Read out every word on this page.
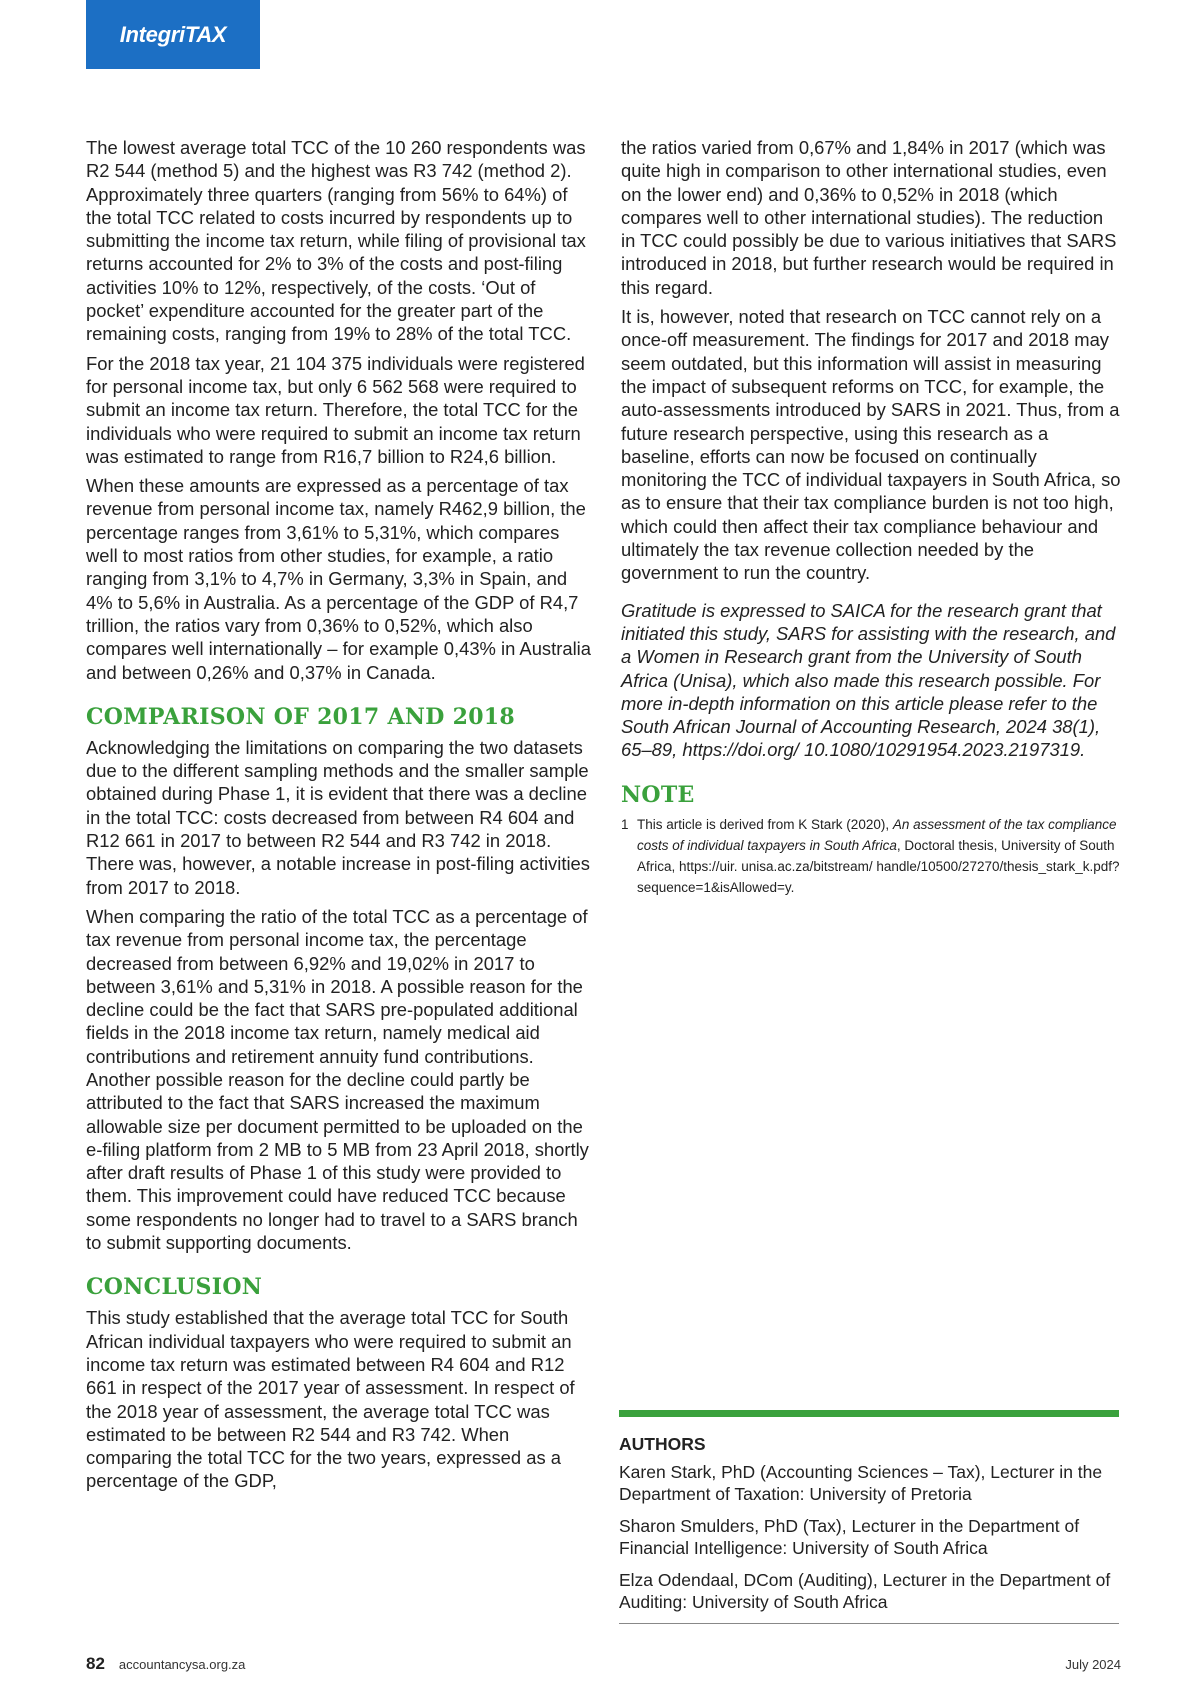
IntegriTAX

The lowest average total TCC of the 10 260 respondents was R2 544 (method 5) and the highest was R3 742 (method 2). Approximately three quarters (ranging from 56% to 64%) of the total TCC related to costs incurred by respondents up to submitting the income tax return, while filing of provisional tax returns accounted for 2% to 3% of the costs and post-filing activities 10% to 12%, respectively, of the costs. ‘Out of pocket’ expenditure accounted for the greater part of the remaining costs, ranging from 19% to 28% of the total TCC.

For the 2018 tax year, 21 104 375 individuals were registered for personal income tax, but only 6 562 568 were required to submit an income tax return. Therefore, the total TCC for the individuals who were required to submit an income tax return was estimated to range from R16,7 billion to R24,6 billion.

When these amounts are expressed as a percentage of tax revenue from personal income tax, namely R462,9 billion, the percentage ranges from 3,61% to 5,31%, which compares well to most ratios from other studies, for example, a ratio ranging from 3,1% to 4,7% in Germany, 3,3% in Spain, and 4% to 5,6% in Australia. As a percentage of the GDP of R4,7 trillion, the ratios vary from 0,36% to 0,52%, which also compares well internationally – for example 0,43% in Australia and between 0,26% and 0,37% in Canada.

COMPARISON OF 2017 AND 2018

Acknowledging the limitations on comparing the two datasets due to the different sampling methods and the smaller sample obtained during Phase 1, it is evident that there was a decline in the total TCC: costs decreased from between R4 604 and R12 661 in 2017 to between R2 544 and R3 742 in 2018. There was, however, a notable increase in post-filing activities from 2017 to 2018.

When comparing the ratio of the total TCC as a percentage of tax revenue from personal income tax, the percentage decreased from between 6,92% and 19,02% in 2017 to between 3,61% and 5,31% in 2018. A possible reason for the decline could be the fact that SARS pre-populated additional fields in the 2018 income tax return, namely medical aid contributions and retirement annuity fund contributions. Another possible reason for the decline could partly be attributed to the fact that SARS increased the maximum allowable size per document permitted to be uploaded on the e-filing platform from 2 MB to 5 MB from 23 April 2018, shortly after draft results of Phase 1 of this study were provided to them. This improvement could have reduced TCC because some respondents no longer had to travel to a SARS branch to submit supporting documents.

CONCLUSION

This study established that the average total TCC for South African individual taxpayers who were required to submit an income tax return was estimated between R4 604 and R12 661 in respect of the 2017 year of assessment. In respect of the 2018 year of assessment, the average total TCC was estimated to be between R2 544 and R3 742. When comparing the total TCC for the two years, expressed as a percentage of the GDP,

the ratios varied from 0,67% and 1,84% in 2017 (which was quite high in comparison to other international studies, even on the lower end) and 0,36% to 0,52% in 2018 (which compares well to other international studies). The reduction in TCC could possibly be due to various initiatives that SARS introduced in 2018, but further research would be required in this regard.

It is, however, noted that research on TCC cannot rely on a once-off measurement. The findings for 2017 and 2018 may seem outdated, but this information will assist in measuring the impact of subsequent reforms on TCC, for example, the auto-assessments introduced by SARS in 2021. Thus, from a future research perspective, using this research as a baseline, efforts can now be focused on continually monitoring the TCC of individual taxpayers in South Africa, so as to ensure that their tax compliance burden is not too high, which could then affect their tax compliance behaviour and ultimately the tax revenue collection needed by the government to run the country.

Gratitude is expressed to SAICA for the research grant that initiated this study, SARS for assisting with the research, and a Women in Research grant from the University of South Africa (Unisa), which also made this research possible. For more in-depth information on this article please refer to the South African Journal of Accounting Research, 2024 38(1), 65–89, https://doi.org/ 10.1080/10291954.2023.2197319.

NOTE
1 This article is derived from K Stark (2020), An assessment of the tax compliance costs of individual taxpayers in South Africa, Doctoral thesis, University of South Africa, https://uir. unisa.ac.za/bitstream/ handle/10500/27270/thesis_stark_k.pdf?sequence=1&isAllowed=y.
AUTHORS

Karen Stark, PhD (Accounting Sciences – Tax), Lecturer in the Department of Taxation: University of Pretoria

Sharon Smulders, PhD (Tax), Lecturer in the Department of Financial Intelligence: University of South Africa

Elza Odendaal, DCom (Auditing), Lecturer in the Department of Auditing: University of South Africa

82 accountancysa.org.za	July 2024
